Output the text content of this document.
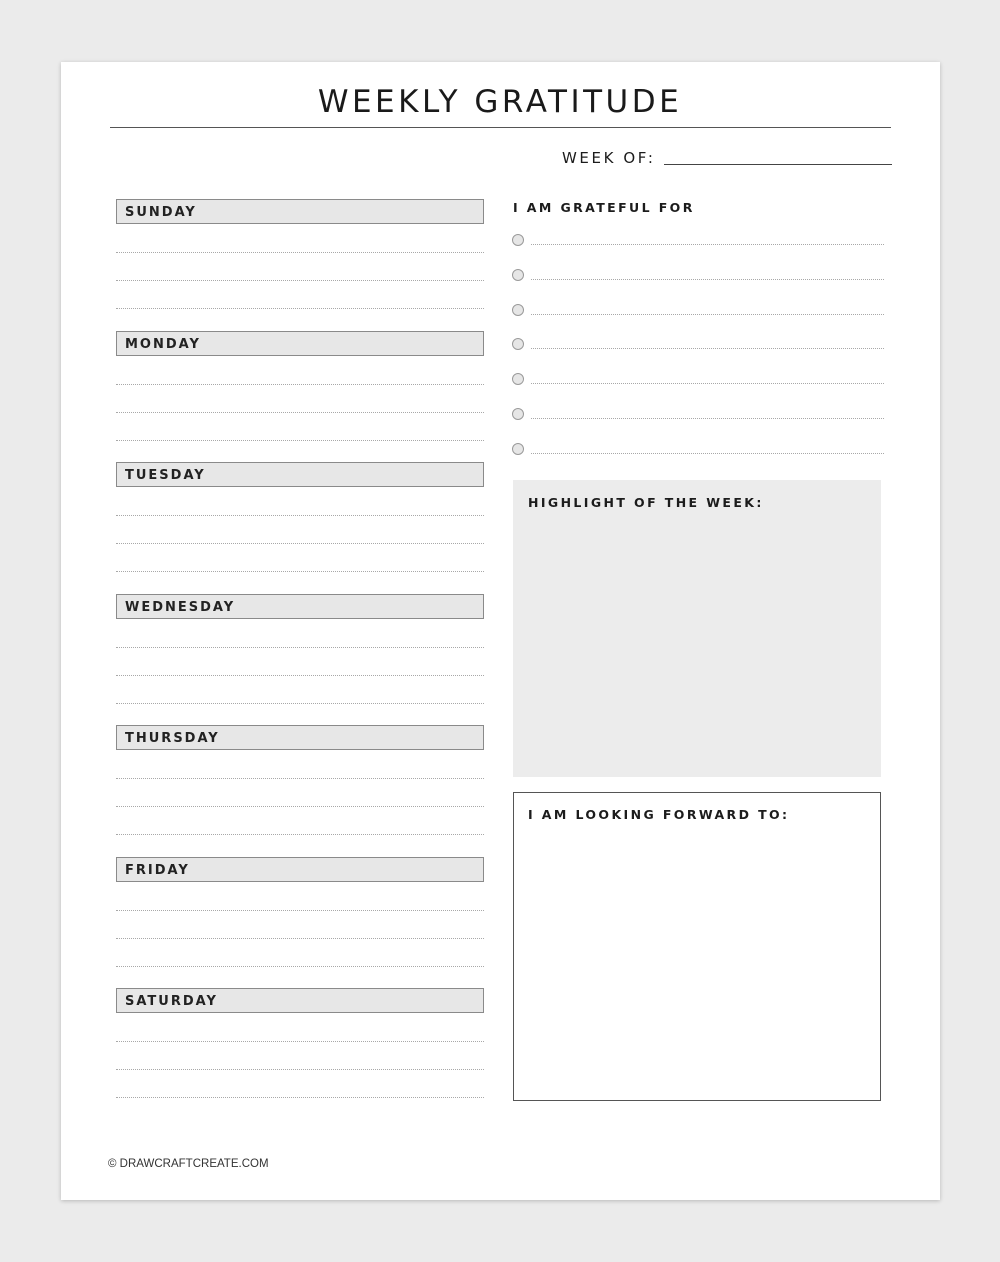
WEEKLY GRATITUDE
WEEK OF:
SUNDAY
MONDAY
TUESDAY
WEDNESDAY
THURSDAY
FRIDAY
SATURDAY
I AM GRATEFUL FOR
HIGHLIGHT OF THE WEEK:
I AM LOOKING FORWARD TO:
© DRAWCRAFTCREATE.COM
